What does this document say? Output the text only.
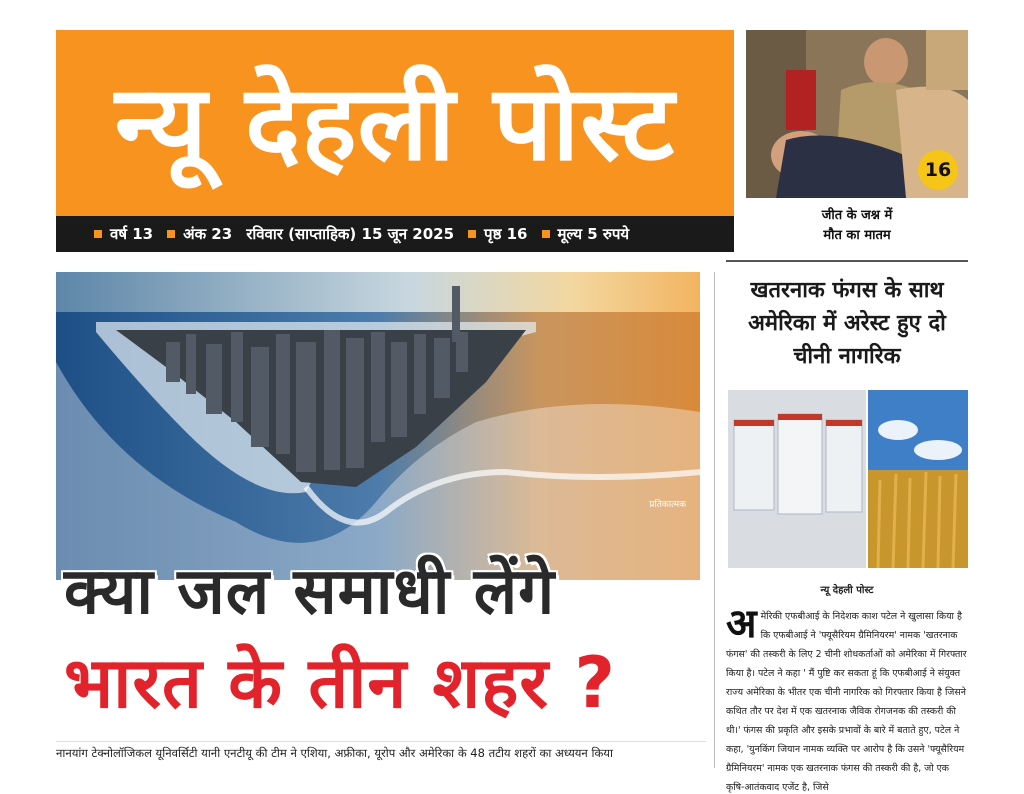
न्यू देहली पोस्ट
वर्ष 13 अंक 23 रविवार (साप्ताहिक) 15 जून 2025 पृष्ठ 16 मूल्य 5 रुपये
16
जीत के जश्न में
मौत का मातम
प्रतिकात्मक
क्या जल समाधी लेंगे
भारत के तीन शहर ?
नानयांग टेक्नोलॉजिकल यूनिवर्सिटी यानी एनटीयू की टीम ने एशिया, अफ्रीका, यूरोप और अमेरिका के 48 तटीय शहरों का अध्ययन किया
खतरनाक फंगस के साथ अमेरिका में अरेस्ट हुए दो चीनी नागरिक
न्यू देहली पोस्ट
अ मेरिकी एफबीआई के निदेशक काश पटेल ने खुलासा किया है कि एफबीआई ने 'फ्यूसैरियम ग्रैमिनियरम' नामक 'खतरनाक फंगस' की तस्करी के लिए 2 चीनी शोधकर्ताओं को अमेरिका में गिरफ्तार किया है। पटेल ने कहा ' मैं पुष्टि कर सकता हूं कि एफबीआई ने संयुक्त राज्य अमेरिका के भीतर एक चीनी नागरिक को गिरफ्तार किया है जिसने कथित तौर पर देश में एक खतरनाक जैविक रोगजनक की तस्करी की थी।' फंगस की प्रकृति और इसके प्रभावों के बारे में बताते हुए, पटेल ने कहा, 'युनकिंग जियान नामक व्यक्ति पर आरोप है कि उसने 'फ्यूसैरियम ग्रैमिनियरम' नामक एक खतरनाक फंगस की तस्करी की है, जो एक कृषि-आतंकवाद एजेंट है, जिसे
